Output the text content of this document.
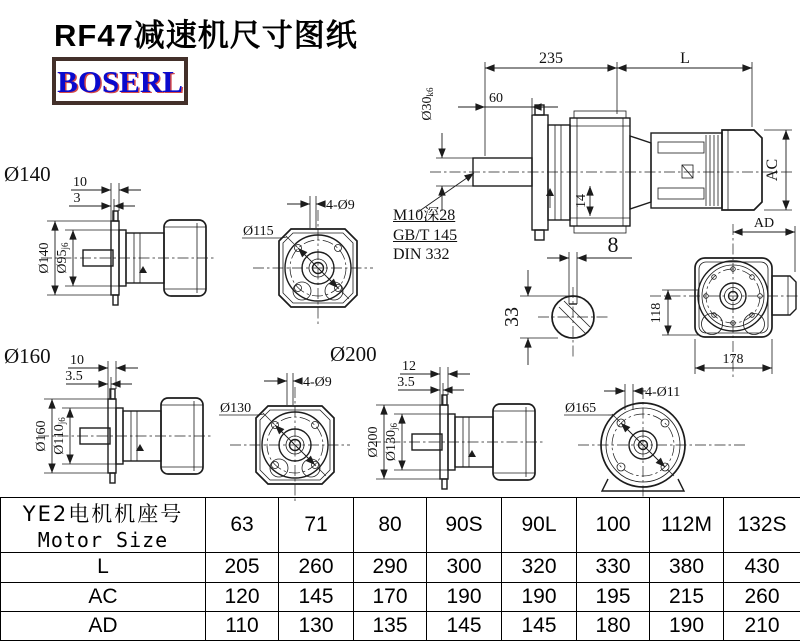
RF47减速机尺寸图纸
BOSERL
Ø140
Ø160	Ø200
M10深28
GB/T 145
DIN 332
235	L
60
Ø30k6
AC
14
10
3
Ø140 Ø95j6
10
3.5
Ø160 Ø110j6
12
3.5
Ø200 Ø130j6
4-Ø9
Ø115
4-Ø9
Ø130
4-Ø11
Ø165
8
33
AD
118
178
YE2电机机座号
Motor Size	63	71	80	90S	90L	100	112M	132S
L	205	260	290	300	320	330	380	430
AC	120	145	170	190	190	195	215	260
AD	110	130	135	145	145	180	190	210
